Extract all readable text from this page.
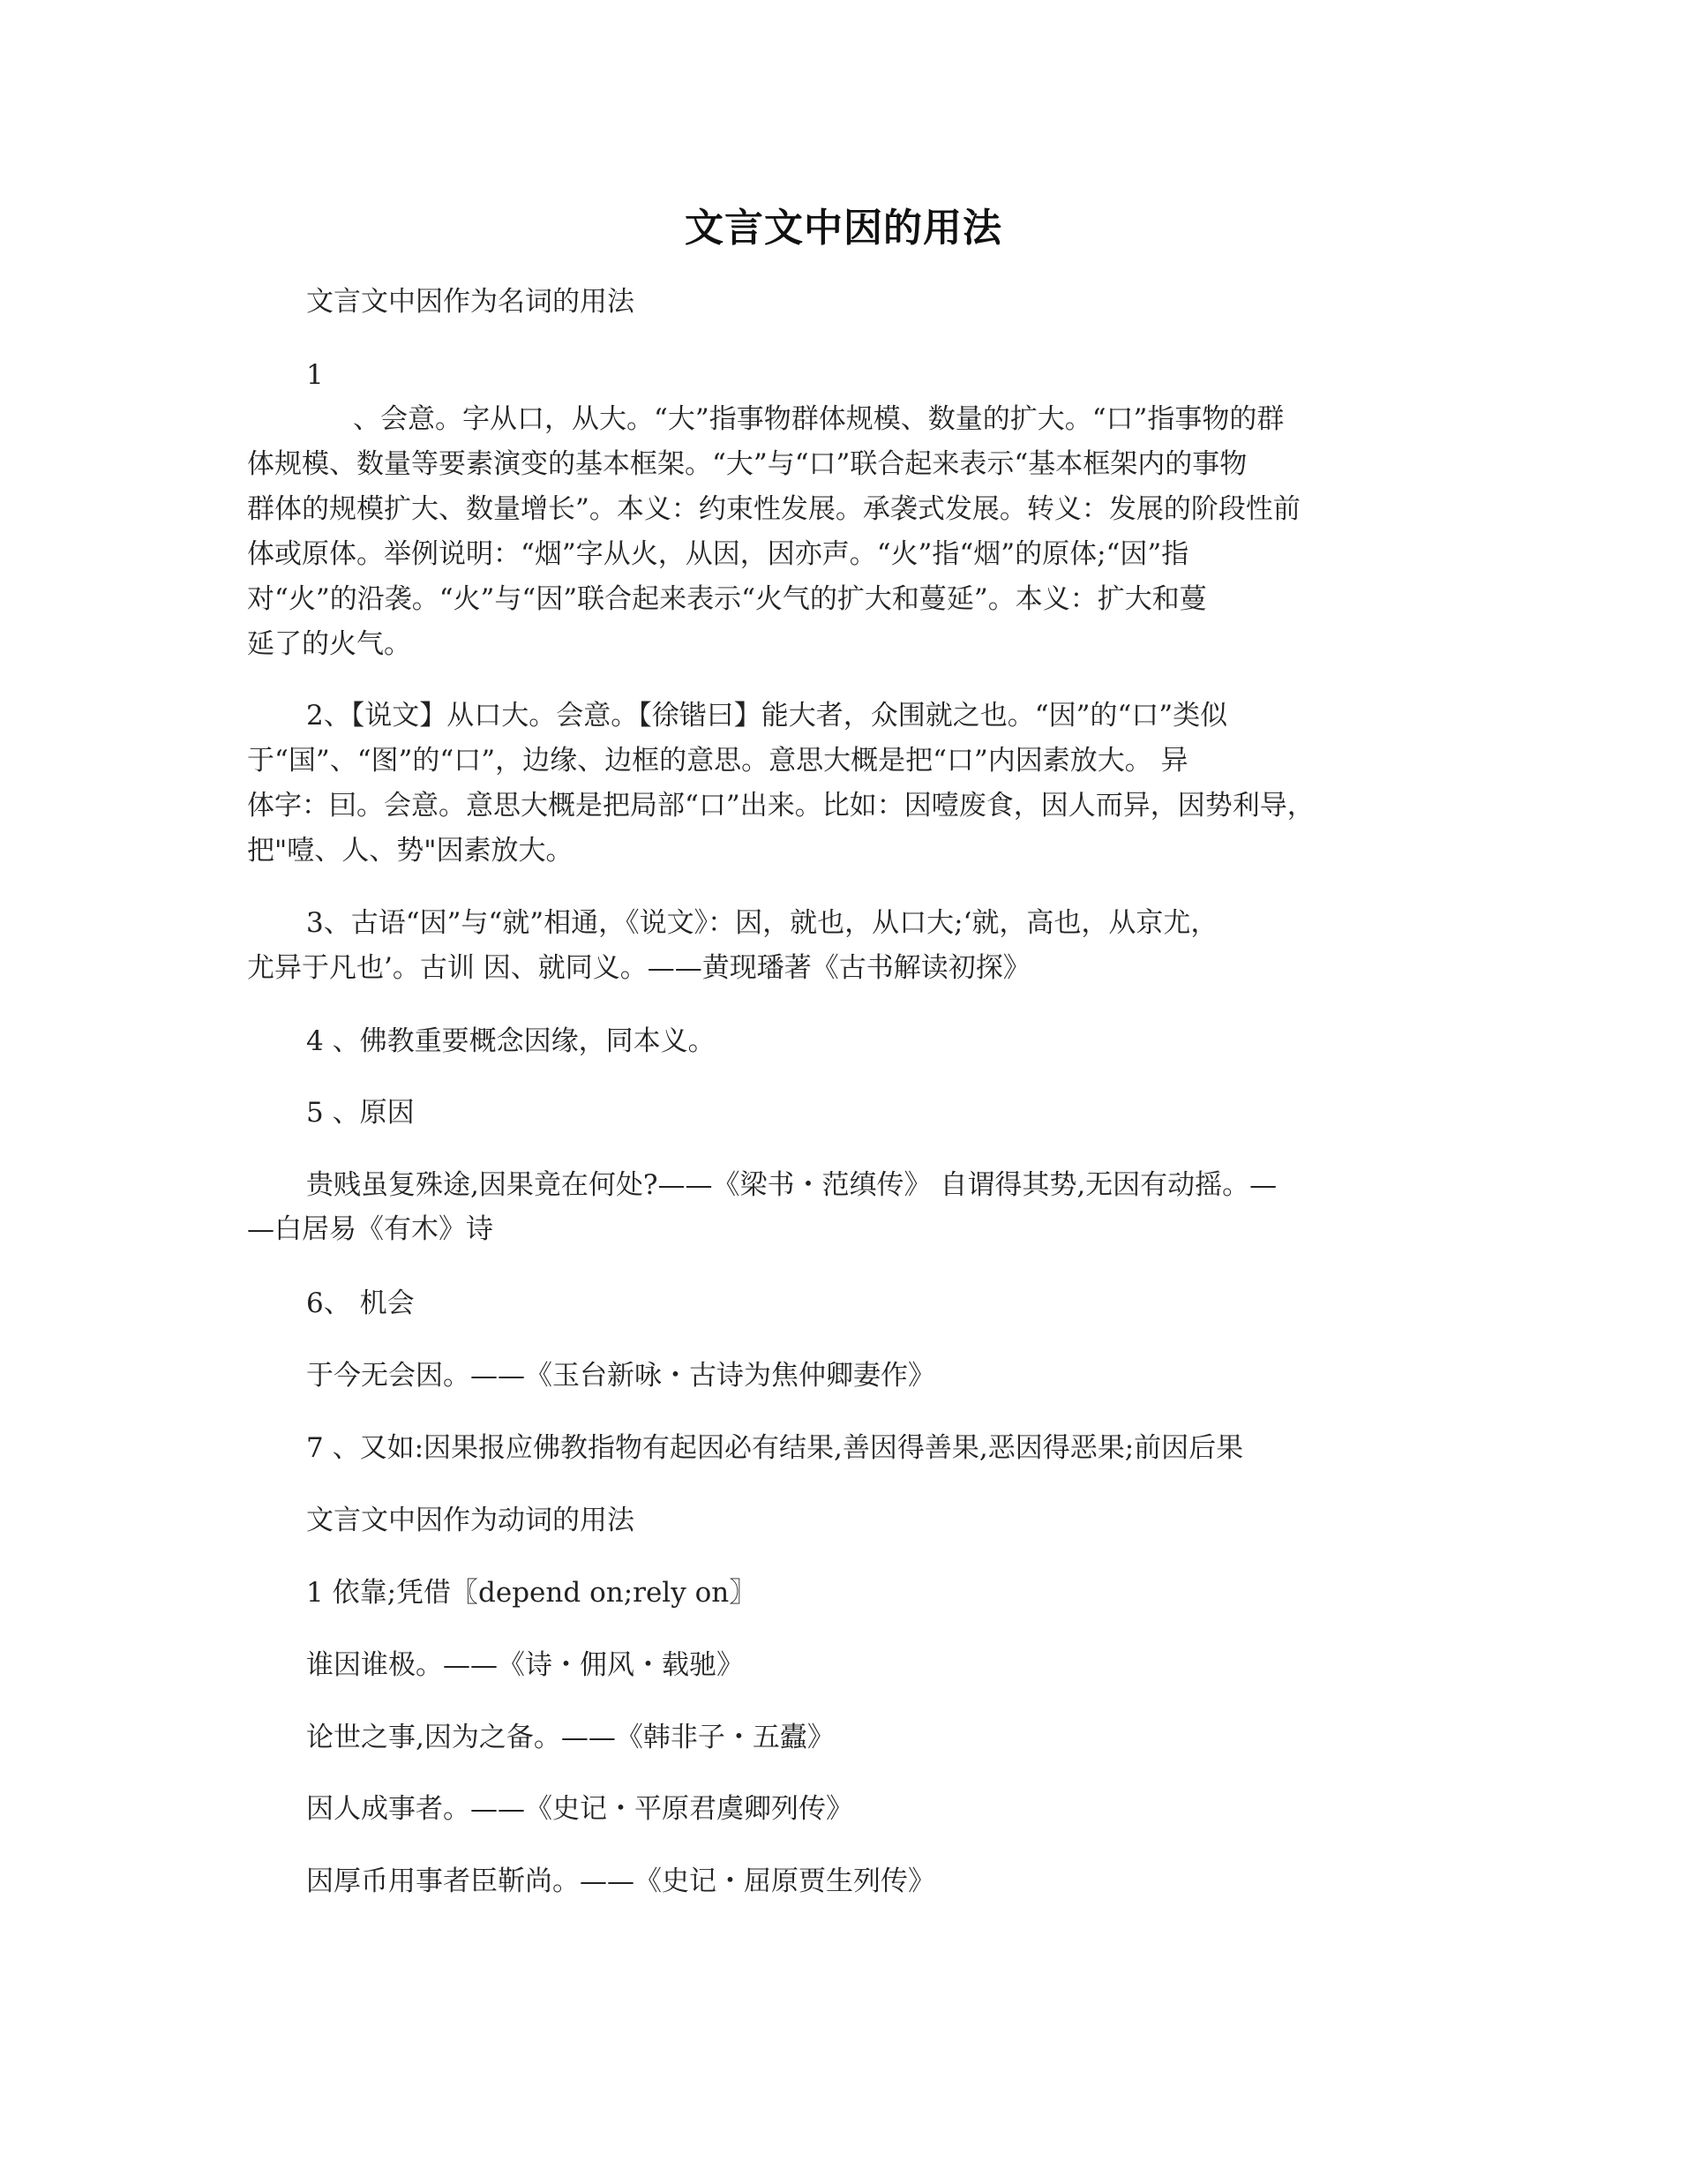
文言文中因的用法
文言文中因作为名词的用法
1
、会意。字从口，从大。“大”指事物群体规模、数量的扩大。“口”指事物的群
体规模、数量等要素演变的基本框架。“大”与“口”联合起来表示“基本框架内的事物
群体的规模扩大、数量增长”。本义：约束性发展。承袭式发展。转义：发展的阶段性前
体或原体。举例说明：“烟”字从火，从因，因亦声。“火”指“烟”的原体;“因”指
对“火”的沿袭。“火”与“因”联合起来表示“火气的扩大和蔓延”。本义：扩大和蔓
延了的火气。
2、【说文】从口大。会意。【徐锴曰】能大者，众围就之也。“因”的“口”类似
于“国”、“图”的“口”，边缘、边框的意思。意思大概是把“口”内因素放大。 异
体字：囙。会意。意思大概是把局部“口”出来。比如：因噎废食，因人而异，因势利导，
把"噎、人、势"因素放大。
3、古语“因”与“就”相通，《说文》：因，就也，从口大;‘就，高也，从京尤，
尤异于凡也’。古训 因、就同义。——黄现璠著《古书解读初探》
4 、佛教重要概念因缘，同本义。
5 、原因
贵贱虽复殊途,因果竟在何处?——《梁书・范缜传》 自谓得其势,无因有动摇。—
—白居易《有木》诗
6、 机会
于今无会因。——《玉台新咏・古诗为焦仲卿妻作》
7 、又如:因果报应佛教指物有起因必有结果,善因得善果,恶因得恶果;前因后果
文言文中因作为动词的用法
1 依靠;凭借〖depend on;rely on〗
谁因谁极。——《诗・佣风・载驰》
论世之事,因为之备。——《韩非子・五蠹》
因人成事者。——《史记・平原君虞卿列传》
因厚币用事者臣靳尚。——《史记・屈原贾生列传》
